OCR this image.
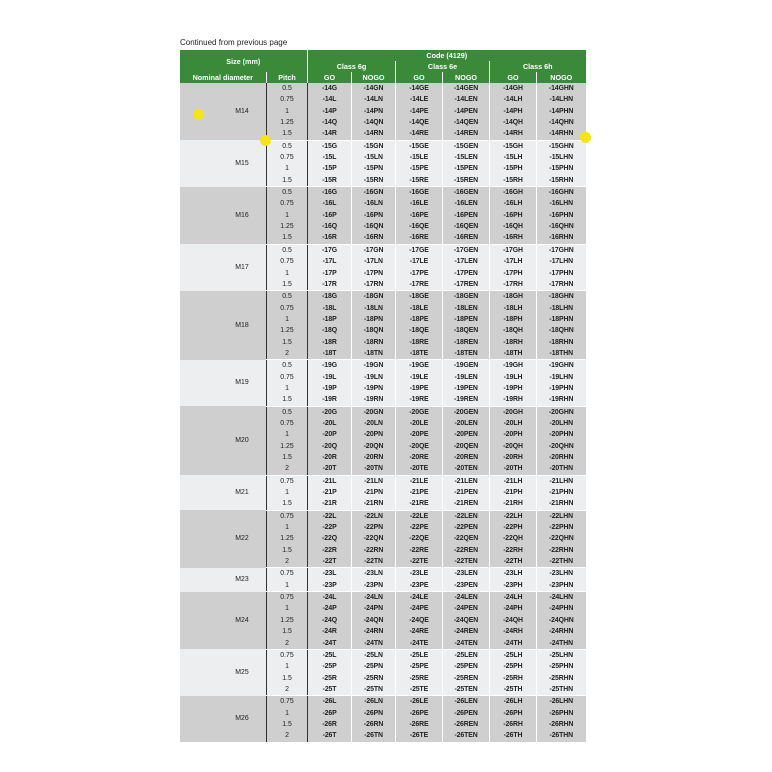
Continued from previous page
Size (mm)		Code (4129)					
		Class 6g		Class 6e		Class 6h	
Nominal diameter	Pitch	GO	NOGO	GO	NOGO	GO	NOGO
M14	0.5	-14G	-14GN	-14GE	-14GEN	-14GH	-14GHN
	0.75	-14L	-14LN	-14LE	-14LEN	-14LH	-14LHN
	1	-14P	-14PN	-14PE	-14PEN	-14PH	-14PHN
	1.25	-14Q	-14QN	-14QE	-14QEN	-14QH	-14QHN
	1.5	-14R	-14RN	-14RE	-14REN	-14RH	-14RHN
M15	0.5	-15G	-15GN	-15GE	-15GEN	-15GH	-15GHN
	0.75	-15L	-15LN	-15LE	-15LEN	-15LH	-15LHN
	1	-15P	-15PN	-15PE	-15PEN	-15PH	-15PHN
	1.5	-15R	-15RN	-15RE	-15REN	-15RH	-15RHN
M16	0.5	-16G	-16GN	-16GE	-16GEN	-16GH	-16GHN
	0.75	-16L	-16LN	-16LE	-16LEN	-16LH	-16LHN
	1	-16P	-16PN	-16PE	-16PEN	-16PH	-16PHN
	1.25	-16Q	-16QN	-16QE	-16QEN	-16QH	-16QHN
	1.5	-16R	-16RN	-16RE	-16REN	-16RH	-16RHN
M17	0.5	-17G	-17GN	-17GE	-17GEN	-17GH	-17GHN
	0.75	-17L	-17LN	-17LE	-17LEN	-17LH	-17LHN
	1	-17P	-17PN	-17PE	-17PEN	-17PH	-17PHN
	1.5	-17R	-17RN	-17RE	-17REN	-17RH	-17RHN
M18	0.5	-18G	-18GN	-18GE	-18GEN	-18GH	-18GHN
	0.75	-18L	-18LN	-18LE	-18LEN	-18LH	-18LHN
	1	-18P	-18PN	-18PE	-18PEN	-18PH	-18PHN
	1.25	-18Q	-18QN	-18QE	-18QEN	-18QH	-18QHN
	1.5	-18R	-18RN	-18RE	-18REN	-18RH	-18RHN
	2	-18T	-18TN	-18TE	-18TEN	-18TH	-18THN
M19	0.5	-19G	-19GN	-19GE	-19GEN	-19GH	-19GHN
	0.75	-19L	-19LN	-19LE	-19LEN	-19LH	-19LHN
	1	-19P	-19PN	-19PE	-19PEN	-19PH	-19PHN
	1.5	-19R	-19RN	-19RE	-19REN	-19RH	-19RHN
M20	0.5	-20G	-20GN	-20GE	-20GEN	-20GH	-20GHN
	0.75	-20L	-20LN	-20LE	-20LEN	-20LH	-20LHN
	1	-20P	-20PN	-20PE	-20PEN	-20PH	-20PHN
	1.25	-20Q	-20QN	-20QE	-20QEN	-20QH	-20QHN
	1.5	-20R	-20RN	-20RE	-20REN	-20RH	-20RHN
	2	-20T	-20TN	-20TE	-20TEN	-20TH	-20THN
M21	0.75	-21L	-21LN	-21LE	-21LEN	-21LH	-21LHN
	1	-21P	-21PN	-21PE	-21PEN	-21PH	-21PHN
	1.5	-21R	-21RN	-21RE	-21REN	-21RH	-21RHN
M22	0.75	-22L	-22LN	-22LE	-22LEN	-22LH	-22LHN
	1	-22P	-22PN	-22PE	-22PEN	-22PH	-22PHN
	1.25	-22Q	-22QN	-22QE	-22QEN	-22QH	-22QHN
	1.5	-22R	-22RN	-22RE	-22REN	-22RH	-22RHN
	2	-22T	-22TN	-22TE	-22TEN	-22TH	-22THN
M23	0.75	-23L	-23LN	-23LE	-23LEN	-23LH	-23LHN
	1	-23P	-23PN	-23PE	-23PEN	-23PH	-23PHN
M24	0.75	-24L	-24LN	-24LE	-24LEN	-24LH	-24LHN
	1	-24P	-24PN	-24PE	-24PEN	-24PH	-24PHN
	1.25	-24Q	-24QN	-24QE	-24QEN	-24QH	-24QHN
	1.5	-24R	-24RN	-24RE	-24REN	-24RH	-24RHN
	2	-24T	-24TN	-24TE	-24TEN	-24TH	-24THN
M25	0.75	-25L	-25LN	-25LE	-25LEN	-25LH	-25LHN
	1	-25P	-25PN	-25PE	-25PEN	-25PH	-25PHN
	1.5	-25R	-25RN	-25RE	-25REN	-25RH	-25RHN
	2	-25T	-25TN	-25TE	-25TEN	-25TH	-25THN
M26	0.75	-26L	-26LN	-26LE	-26LEN	-26LH	-26LHN
	1	-26P	-26PN	-26PE	-26PEN	-26PH	-26PHN
	1.5	-26R	-26RN	-26RE	-26REN	-26RH	-26RHN
	2	-26T	-26TN	-26TE	-26TEN	-26TH	-26THN
